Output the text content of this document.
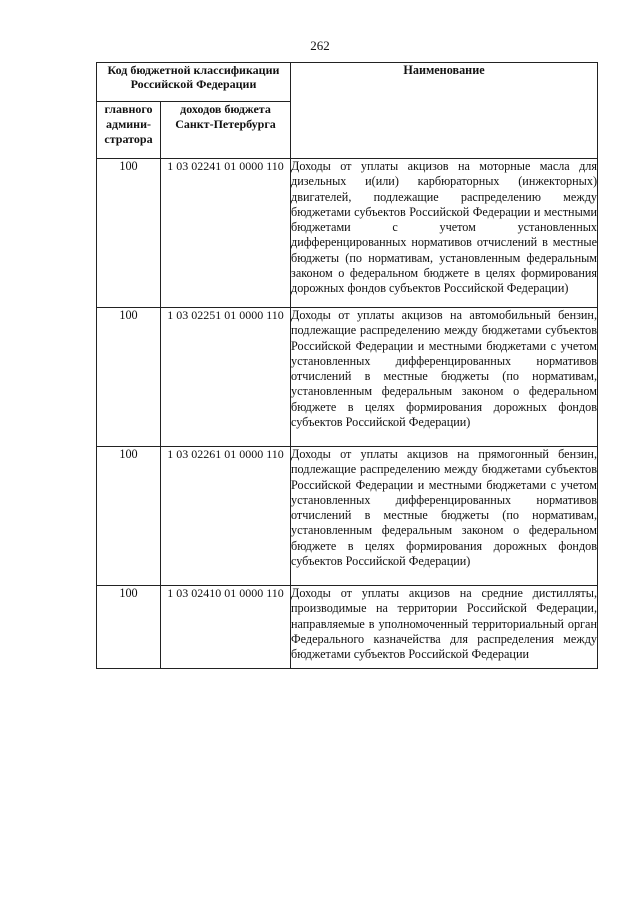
262
Код бюджетной классификации Российской Федерации		Наименование
главного админи-стратора	доходов бюджета Санкт-Петербурга	
100	1 03 02241 01 0000 110	Доходы от уплаты акцизов на моторные масла для дизельных и(или) карбюраторных (инжекторных) двигателей, подлежащие распределению между бюджетами субъектов Российской Федерации и местными бюджетами с учетом установленных дифференцированных нормативов отчислений в местные бюджеты (по нормативам, установленным федеральным законом о федеральном бюджете в целях формирования дорожных фондов субъектов Российской Федерации)
100	1 03 02251 01 0000 110	Доходы от уплаты акцизов на автомобильный бензин, подлежащие распределению между бюджетами субъектов Российской Федерации и местными бюджетами с учетом установленных дифференцированных нормативов отчислений в местные бюджеты (по нормативам, установленным федеральным законом о федеральном бюджете в целях формирования дорожных фондов субъектов Российской Федерации)
100	1 03 02261 01 0000 110	Доходы от уплаты акцизов на прямогонный бензин, подлежащие распределению между бюджетами субъектов Российской Федерации и местными бюджетами с учетом установленных дифференцированных нормативов отчислений в местные бюджеты (по нормативам, установленным федеральным законом о федеральном бюджете в целях формирования дорожных фондов субъектов Российской Федерации)
100	1 03 02410 01 0000 110	Доходы от уплаты акцизов на средние дистилляты, производимые на территории Российской Федерации, направляемые в уполномоченный территориальный орган Федерального казначейства для распределения между бюджетами субъектов Российской Федерации
